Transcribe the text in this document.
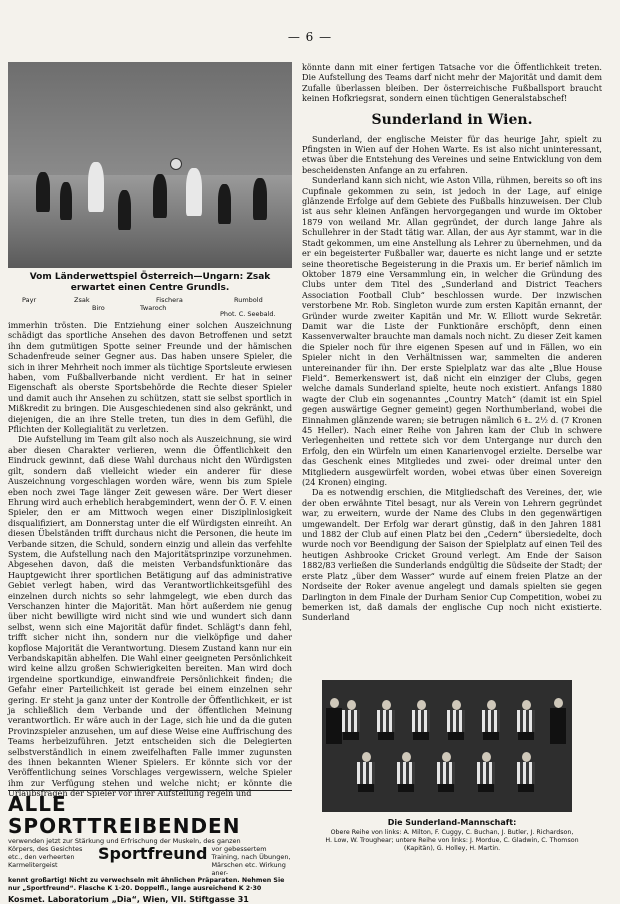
— 6 —
Vom Länderwettspiel Österreich—Ungarn: Zsak erwartet einen Centre Grundls.
Payr	Zsak
Biro
Fischera
Twaroch
Rumbold
Phot. C. Seebald.

immerhin trösten. Die Entziehung einer solchen Auszeichnung schädigt das sportliche Ansehen des davon Betroffenen und setzt ihn dem gutmütigen Spotte seiner Freunde und der hämischen Schadenfreude seiner Gegner aus. Das haben unsere Spieler, die sich in ihrer Mehrheit noch immer als tüchtige Sportsleute erwiesen haben, vom Fußballverbande nicht verdient. Er hat in seiner Eigenschaft als oberste Sportsbehörde die Rechte dieser Spieler und damit auch ihr Ansehen zu schützen, statt sie selbst sportlich in Mißkredit zu bringen. Die Ausgeschiedenen sind also gekränkt, und diejenigen, die an ihre Stelle treten, tun dies in dem Gefühl, die Pflichten der Kollegialität zu verletzen.

Die Aufstellung im Team gilt also noch als Auszeichnung, sie wird aber diesen Charakter verlieren, wenn die Öffentlichkeit den Eindruck gewinnt, daß diese Wahl durchaus nicht den Würdigsten gilt, sondern daß vielleicht wieder ein anderer für diese Auszeichnung vorgeschlagen worden wäre, wenn bis zum Spiele eben noch zwei Tage länger Zeit gewesen wäre. Der Wert dieser Ehrung wird auch erheblich herabgemindert, wenn der Ö. F. V. einen Spieler, den er am Mittwoch wegen einer Disziplinlosigkeit disqualifiziert, am Donnerstag unter die elf Würdigsten einreiht. An diesen Übelständen trifft durchaus nicht die Personen, die heute im Verbande sitzen, die Schuld, sondern einzig und allein das verfehlte System, die Aufstellung nach den Majoritätsprinzipe vorzunehmen. Abgesehen davon, daß die meisten Verbandsfunktionäre das Hauptgewicht ihrer sportlichen Betätigung auf das administrative Gebiet verlegt haben, wird das Verantwortlichkeitsgefühl des einzelnen durch nichts so sehr lahmgelegt, wie eben durch das Verschanzen hinter die Majorität. Man hört außerdem nie genug über nicht bewilligte wird nicht sind wie und wundert sich dann selbst, wenn sich eine Majorität dafür findet. Schlägt's dann fehl, trifft sicher nicht ihn, sondern nur die vielköpfige und daher kopflose Majorität die Verantwortung. Diesem Zustand kann nur ein Verbandskapitän abhelfen. Die Wahl einer geeigneten Persönlichkeit wird keine allzu großen Schwierigkeiten bereiten. Man wird doch irgendeine sportkundige, einwandfreie Persönlichkeit finden; die Gefahr einer Parteilichkeit ist gerade bei einem einzelnen sehr gering. Er steht ja ganz unter der Kontrolle der Öffentlichkeit, er ist ja schließlich dem Verbande und der öffentlichen Meinung verantwortlich. Er wäre auch in der Lage, sich hie und da die guten Provinzspieler anzusehen, um auf diese Weise eine Auffrischung des Teams herbeizuführen. Jetzt entscheiden sich die Delegierten selbstverständlich in einem zweifelhaften Falle immer zugunsten des ihnen bekannten Wiener Spielers. Er könnte sich vor der Veröffentlichung seines Vorschlages vergewissern, welche Spieler ihm zur Verfügung stehen und welche nicht; er könnte die Urlaubsfragen der Spieler vor ihrer Aufstellung regeln und

könnte dann mit einer fertigen Tatsache vor die Öffentlichkeit treten. Die Aufstellung des Teams darf nicht mehr der Majorität und damit dem Zufalle überlassen bleiben. Der österreichische Fußballsport braucht keinen Hofkriegsrat, sondern einen tüchtigen Generalstabschef!

Sunderland in Wien.

Sunderland, der englische Meister für das heurige Jahr, spielt zu Pfingsten in Wien auf der Hohen Warte. Es ist also nicht uninteressant, etwas über die Entstehung des Vereines und seine Entwicklung von dem bescheidensten Anfange an zu erfahren.

Sunderland kann sich nicht, wie Aston Villa, rühmen, bereits so oft ins Cupfinale gekommen zu sein, ist jedoch in der Lage, auf einige glänzende Erfolge auf dem Gebiete des Fußballs hinzuweisen. Der Club ist aus sehr kleinen Anfängen hervorgegangen und wurde im Oktober 1879 von weiland Mr. Allan gegründet, der durch lange Jahre als Schullehrer in der Stadt tätig war. Allan, der aus Ayr stammt, war in die Stadt gekommen, um eine Anstellung als Lehrer zu übernehmen, und da er ein begeisterter Fußballer war, dauerte es nicht lange und er setzte seine theoretische Begeisterung in die Praxis um. Er berief nämlich im Oktober 1879 eine Versammlung ein, in welcher die Gründung des Clubs unter dem Titel des „Sunderland and District Teachers Association Football Club“ beschlossen wurde. Der inzwischen verstorbene Mr. Rob. Singleton wurde zum ersten Kapitän ernannt, der Gründer wurde zweiter Kapitän und Mr. W. Elliott wurde Sekretär. Damit war die Liste der Funktionäre erschöpft, denn einen Kassenverwalter brauchte man damals noch nicht. Zu dieser Zeit kamen die Spieler noch für ihre eigenen Spesen auf und in Fällen, wo ein Spieler nicht in den Verhältnissen war, sammelten die anderen untereinander für ihn. Der erste Spielplatz war das alte „Blue House Field“. Bemerkenswert ist, daß nicht ein einziger der Clubs, gegen welche damals Sunderland spielte, heute noch existiert. Anfangs 1880 wagte der Club ein sogenanntes „Country Match“ (damit ist ein Spiel gegen auswärtige Gegner gemeint) gegen Northumberland, wobei die Einnahmen glänzende waren; sie betrugen nämlich 6 Ł. 2½ d. (7 Kronen 45 Heller). Nach einer Reihe von Jahren kam der Club in schwere Verlegenheiten und rettete sich vor dem Untergange nur durch den Erfolg, den ein Würfeln um einen Kanarienvogel erzielte. Derselbe war das Geschenk eines Mitgliedes und zwei- oder dreimal unter den Mitgliedern ausgewürfelt worden, wobei etwas über einen Sovereign (24 Kronen) einging.

Da es notwendig erschien, die Mitgliedschaft des Vereines, der, wie der oben erwähnte Titel besagt, nur als Verein von Lehrern gegründet war, zu erweitern, wurde der Name des Clubs in den gegenwärtigen umgewandelt. Der Erfolg war derart günstig, daß in den Jahren 1881 und 1882 der Club auf einen Platz bei den „Cedern“ übersiedelte, doch wurde noch vor Beendigung der Saison der Spielplatz auf einen Teil des heutigen Ashbrooke Cricket Ground verlegt. Am Ende der Saison 1882/83 verließen die Sunderlands endgültig die Südseite der Stadt; der erste Platz „über dem Wasser“ wurde auf einem freien Platze an der Nordseite der Roker avenue angelegt und damals spielten sie gegen Darlington in dem Finale der Durham Senior Cup Competition, wobei zu bemerken ist, daß damals der englische Cup noch nicht existierte. Sunderland

ALLE SPORTTREIBENDEN
verwenden jetzt zur Stärkung und Erfrischung der Muskeln, des ganzen
Körpers, des Gesichtes etc., den verheerten Karmelitergeist
Sportfreund vor gebessertem Training, nach Übungen, Märschen etc. Wirkung aner-
kennt großartig! Nicht zu verwechseln mit ähnlichen Präparaten. Nehmen Sie nur „Sportfreund“. Flasche K 1·20. Doppelfl., lange ausreichend K 2·30
Kosmet. Laboratorium „Dia“, Wien, VII. Stiftgasse 31
Die Sunderland-Mannschaft:
Obere Reihe von links: A. Milton, F. Cuggy, C. Buchan, J. Butler, J. Richardson,
H. Low, W. Troughear; untere Reihe von links: J. Mordue, C. Gladwin, C. Thomson
(Kapitän), G. Holley, H. Martin.
